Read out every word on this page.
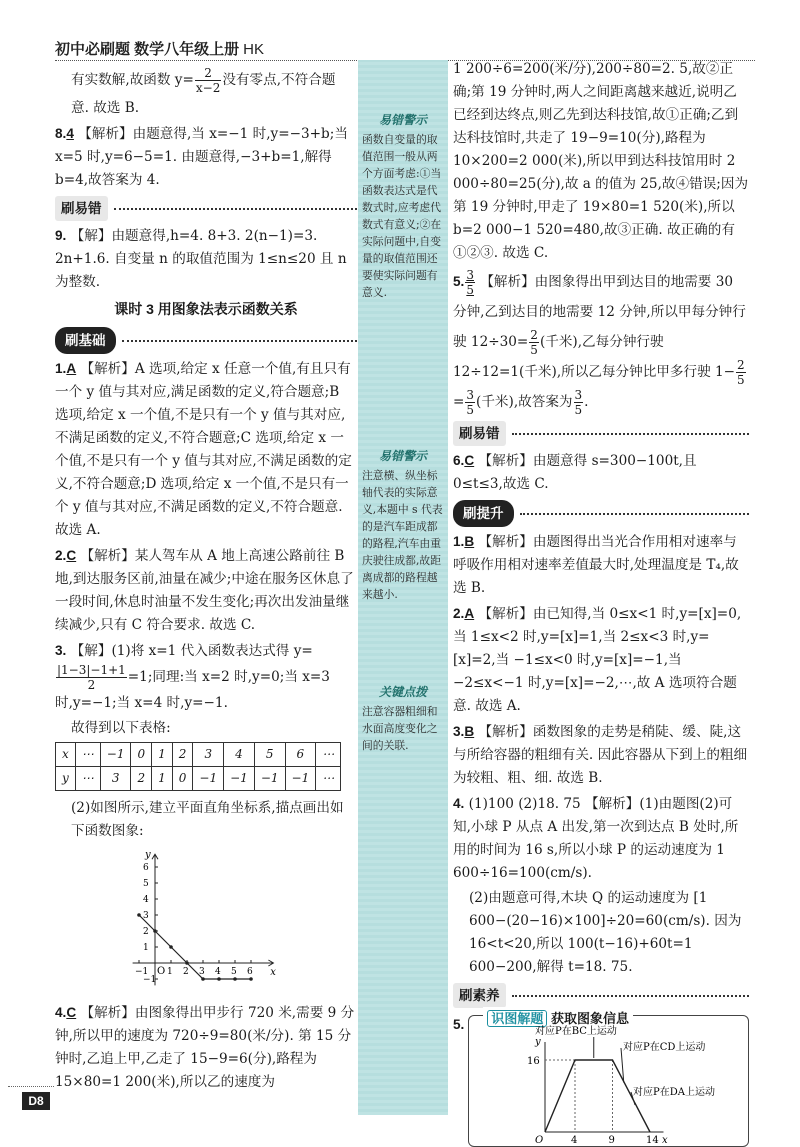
初中必刷题 数学八年级上册 HK

有实数解,故函数 $y= \frac{2}{x-2}$ 没有零点,不符合题

意. 故选 B.

8.4 【解析】由题意得,当 x=−1 时,y=−3+b;当 x=5 时,y=6−5=1. 由题意得,−3+b=1,解得 b=4,故答案为 4.

刷易错

9. 【解】由题意得,h=4. 8+3. 2(n−1)=3. 2n+1.6. 自变量 n 的取值范围为 1≤n≤20 且 n 为整数.

课时 3 用图象法表示函数关系
刷基础

1.A 【解析】A 选项,给定 x 任意一个值,有且只有一个 y 值与其对应,满足函数的定义,符合题意;B 选项,给定 x 一个值,不是只有一个 y 值与其对应,不满足函数的定义,不符合题意;C 选项,给定 x 一个值,不是只有一个 y 值与其对应,不满足函数的定义,不符合题意;D 选项,给定 x 一个值,不是只有一个 y 值与其对应,不满足函数的定义,不符合题意. 故选 A.

2.C 【解析】某人驾车从 A 地上高速公路前往 B 地,到达服务区前,油量在减少;中途在服务区休息了一段时间,休息时油量不发生变化;再次出发油量继续减少,只有 C 符合要求. 故选 C.

3. 【解】(1)将 x=1 代入函数表达式得 y=
$\frac{|1-3|-1+1}{2} =1$;同理:当 x=2 时,y=0;当 x=3 时,y=−1;当 x=4 时,y=−1.

故得到以下表格:

x	⋯	−1	0	1	2	3	4	5	6	⋯
y	⋯	3	2	1	0	−1	−1	−1	−1	⋯

(2)如图所示,建立平面直角坐标系,描点画出如下函数图象:

x
y
O
6
5
4
3
2
1
−1
−1 1 2 3 4 5 6

4.C 【解析】由图象得出甲步行 720 米,需要 9 分钟,所以甲的速度为 720÷9=80(米/分). 第 15 分钟时,乙追上甲,乙走了 15−9=6(分),路程为 15×80=1 200(米),所以乙的速度为

易错警示
函数自变量的取值范围一般从两个方面考虑:①当函数表达式是代数式时,应考虑代数式有意义;②在实际问题中,自变量的取值范围还要使实际问题有意义.
易错警示
注意横、纵坐标轴代表的实际意义,本题中 s 代表的是汽车距成都的路程,汽车由重庆驶往成都,故距离成都的路程越来越小.
关键点拨
注意容器粗细和水面高度变化之间的关联.

1 200÷6=200(米/分),200÷80=2. 5,故②正确;第 19 分钟时,两人之间距离越来越近,说明乙已经到达终点,则乙先到达科技馆,故①正确;乙到达科技馆时,共走了 19−9=10(分),路程为 10×200=2 000(米),所以甲到达科技馆用时 2 000÷80=25(分),故 a 的值为 25,故④错误;因为第 19 分钟时,甲走了 19×80=1 520(米),所以 b=2 000−1 520=480,故③正确. 故正确的有①②③. 故选 C.

5. $\frac{3}{5}$ 【解析】由图象得出甲到达目的地需要 30 分钟,乙到达目的地需要 12 分钟,所以甲每分钟行驶 $12\div 30= \frac{2}{5}$ (千米),乙每分钟行驶 12÷12=1(千米),所以乙每分钟比甲多行驶 $1- \frac{2}{5}$
= $\frac{3}{5}$ (千米),故答案为 $\frac{3}{5}$ .

刷易错

6.C 【解析】由题意得 s=300−100t,且 0≤t≤3,故选 C.

刷提升

1.B 【解析】由题图得出当光合作用相对速率与呼吸作用相对速率差值最大时,处理温度是 T₄,故选 B.

2.A 【解析】由已知得,当 0≤x<1 时,y=[x]=0,当 1≤x<2 时,y=[x]=1,当 2≤x<3 时,y=[x]=2,当 −1≤x<0 时,y=[x]=−1,当 −2≤x<−1 时,y=[x]=−2,⋯,故 A 选项符合题意. 故选 A.

3.B 【解析】函数图象的走势是稍陡、缓、陡,这与所给容器的粗细有关. 因此容器从下到上的粗细为较粗、粗、细. 故选 B.

4. (1)100 (2)18. 75 【解析】(1)由题图(2)可知,小球 P 从点 A 出发,第一次到达点 B 处时,所用的时间为 16 s,所以小球 P 的运动速度为 1 600÷16=100(cm/s).

(2)由题意可得,木块 Q 的运动速度为 [1 600−(20−16)×100]÷20=60(cm/s). 因为 16<t<20,所以 100(t−16)+60t=1 600−200,解得 t=18. 75.

刷素养
5.	识图解题 获取图象信息
x
y
O
16
4	9	14
对应P在BC上运动
对应P在CD上运动
对应P在DA上运动
D8
